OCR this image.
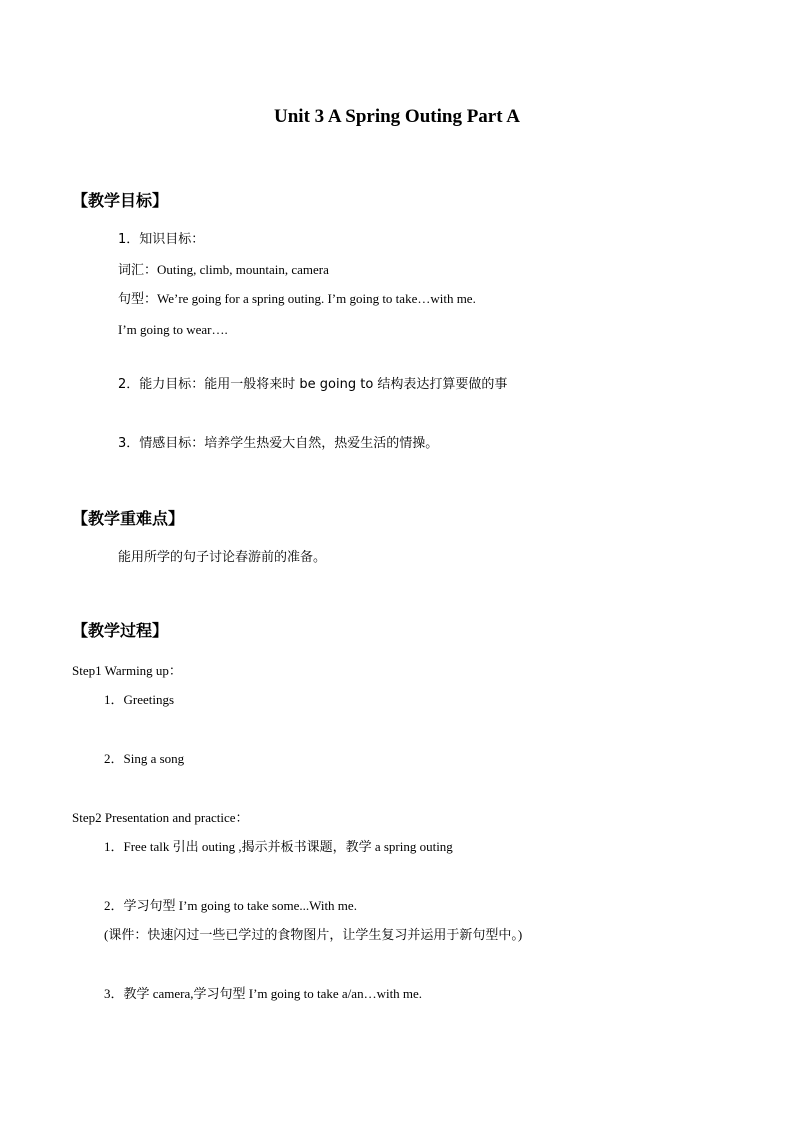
Unit 3 A Spring Outing Part A
【教学目标】
1．知识目标：
词汇：Outing, climb, mountain, camera
句型：We’re going for a spring outing. I’m going to take…with me.
I’m going to wear….
2．能力目标：能用一般将来时 be going to 结构表达打算要做的事
3．情感目标：培养学生热爱大自然，热爱生活的情操。
【教学重难点】
能用所学的句子讨论春游前的准备。
【教学过程】
Step1 Warming up：
1．Greetings
2．Sing a song
Step2 Presentation and practice：
1．Free talk 引出 outing ,揭示并板书课题，教学 a spring outing
2．学习句型 I’m going to take some...With me.
(课件：快速闪过一些已学过的食物图片，让学生复习并运用于新句型中。)
3．教学 camera,学习句型 I’m going to take a/an…with me.
